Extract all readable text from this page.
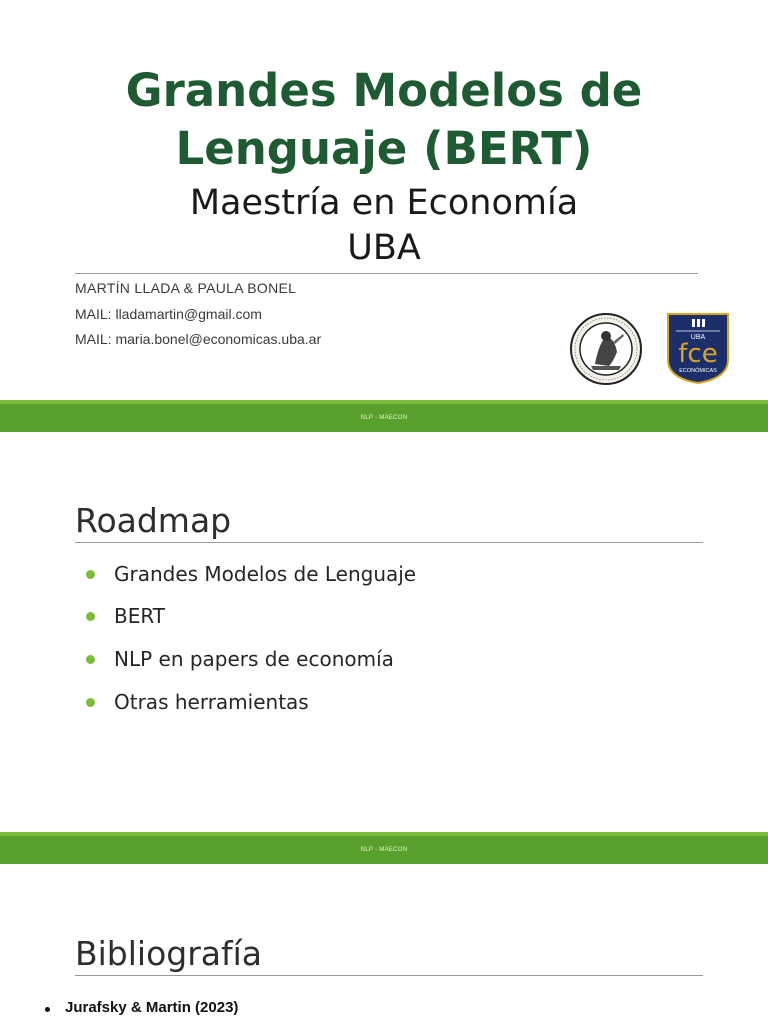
Grandes Modelos de
Lenguaje (BERT)
Maestría en Economía
UBA
MARTÍN LLADA & PAULA BONEL
MAIL: lladamartin@gmail.com
MAIL: maria.bonel@economicas.uba.ar	UBA
fce
ECONÓMICAS
NLP - MAECON
Roadmap
Grandes Modelos de Lenguaje
BERT
NLP en papers de economía
Otras herramientas
NLP - MAECON
Bibliografía
Jurafsky & Martin (2023)
